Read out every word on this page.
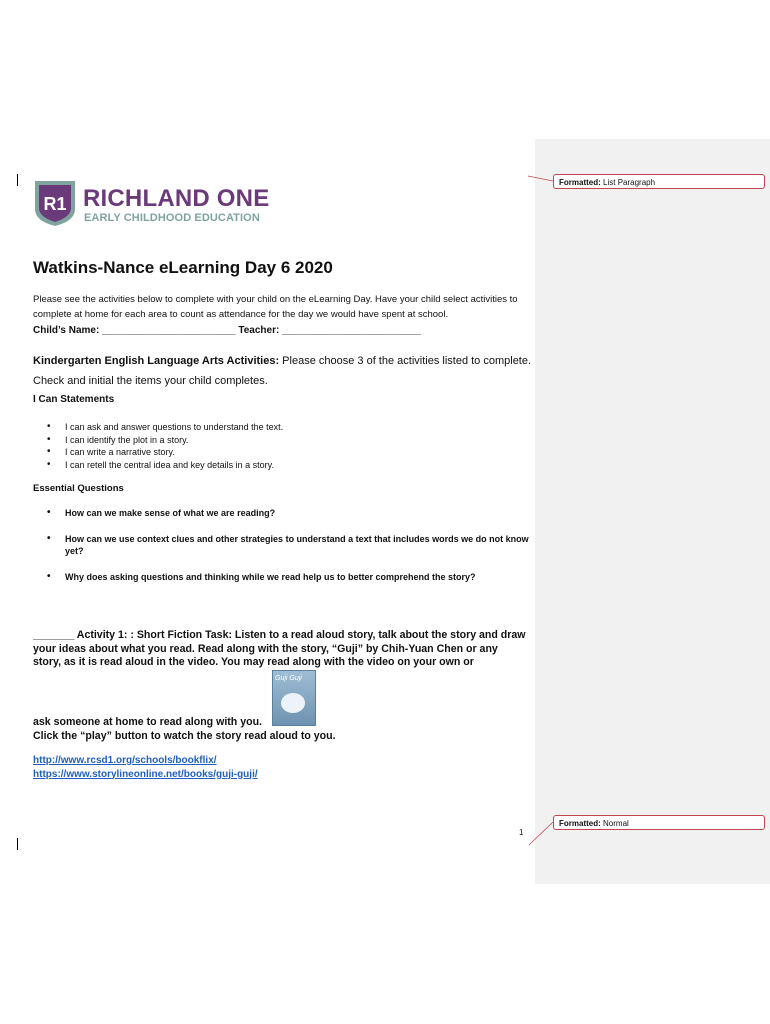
R1 RICHLAND ONE
EARLY CHILDHOOD EDUCATION
Watkins-Nance eLearning Day 6 2020
Please see the activities below to complete with your child on the eLearning Day. Have your child select activities to complete at home for each area to count as attendance for the day we would have spent at school.
Child’s Name: ________________________ Teacher: _________________________
Kindergarten English Language Arts Activities: Please choose 3 of the activities listed to complete. Check and initial the items your child completes.
I Can Statements
• I can ask and answer questions to understand the text.
• I can identify the plot in a story.
• I can write a narrative story.
• I can retell the central idea and key details in a story.
Essential Questions
• How can we make sense of what we are reading?
• How can we use context clues and other strategies to understand a text that includes words we do not know yet?
• Why does asking questions and thinking while we read help us to better comprehend the story?
_______ Activity 1: : Short Fiction Task: Listen to a read aloud story, talk about the story and draw your ideas about what you read. Read along with the story, “Guji” by Chih-Yuan Chen or any story, as it is read aloud in the video. You may read along with the video on your own or
Guji Guji
ask someone at home to read along with you.
Click the “play” button to watch the story read aloud to you.
http://www.rcsd1.org/schools/bookflix/
https://www.storylineonline.net/books/guji-guji/
1
Formatted: List Paragraph
Formatted: Normal
